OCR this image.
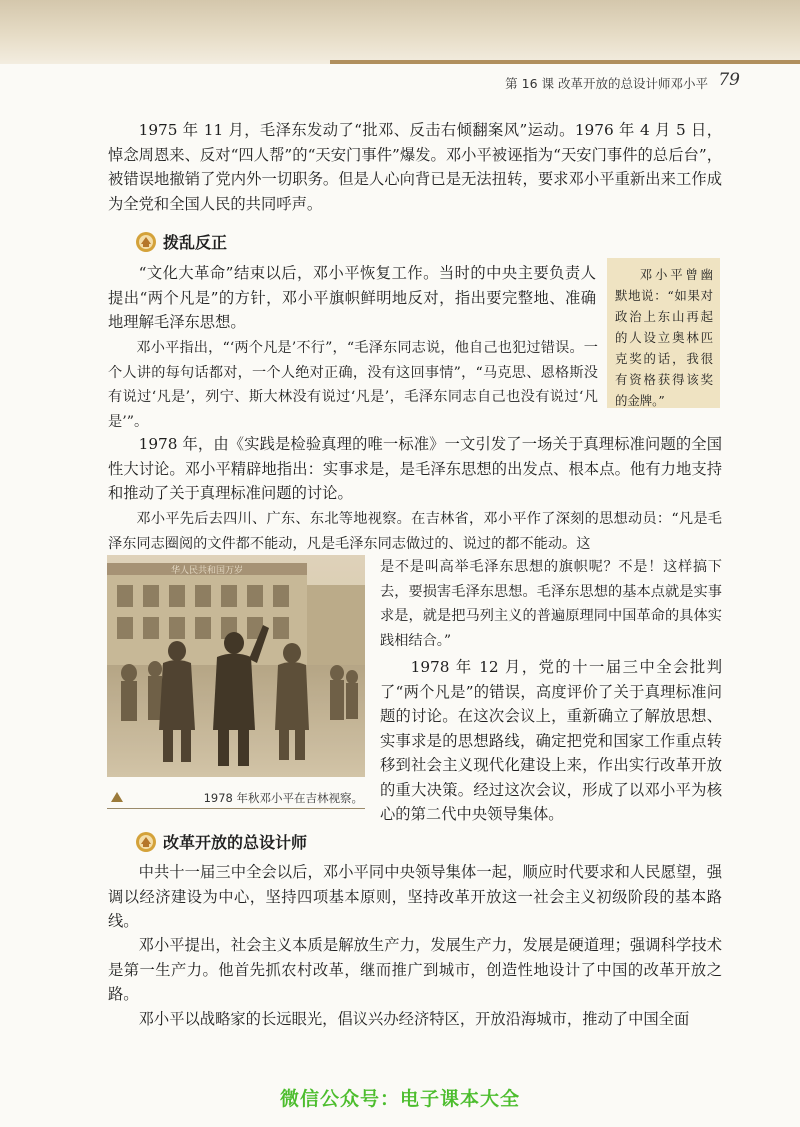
第 16 课 改革开放的总设计师邓小平 79

1975 年 11 月，毛泽东发动了“批邓、反击右倾翻案风”运动。1976 年 4 月 5 日，悼念周恩来、反对“四人帮”的“天安门事件”爆发。邓小平被诬指为“天安门事件的总后台”，被错误地撤销了党内外一切职务。但是人心向背已是无法扭转，要求邓小平重新出来工作成为全党和全国人民的共同呼声。

拨乱反正

“文化大革命”结束以后，邓小平恢复工作。当时的中央主要负责人提出“两个凡是”的方针，邓小平旗帜鲜明地反对，指出要完整地、准确地理解毛泽东思想。

邓小平曾幽默地说：“如果对政治上东山再起的人设立奥林匹克奖的话，我很有资格获得该奖的金牌。”

邓小平指出，“‘两个凡是’不行”，“毛泽东同志说，他自己也犯过错误。一个人讲的每句话都对，一个人绝对正确，没有这回事情”，“马克思、恩格斯没有说过‘凡是’，列宁、斯大林没有说过‘凡是’，毛泽东同志自己也没有说过‘凡是’”。

1978 年，由《实践是检验真理的唯一标准》一文引发了一场关于真理标准问题的全国性大讨论。邓小平精辟地指出：实事求是，是毛泽东思想的出发点、根本点。他有力地支持和推动了关于真理标准问题的讨论。

邓小平先后去四川、广东、东北等地视察。在吉林省，邓小平作了深刻的思想动员：“凡是毛泽东同志圈阅的文件都不能动，凡是毛泽东同志做过的、说过的都不能动。这

华人民共和国万岁
1978 年秋邓小平在吉林视察。

是不是叫高举毛泽东思想的旗帜呢？不是！这样搞下去，要损害毛泽东思想。毛泽东思想的基本点就是实事求是，就是把马列主义的普遍原理同中国革命的具体实践相结合。”

1978 年 12 月，党的十一届三中全会批判了“两个凡是”的错误，高度评价了关于真理标准问题的讨论。在这次会议上，重新确立了解放思想、实事求是的思想路线，确定把党和国家工作重点转移到社会主义现代化建设上来，作出实行改革开放的重大决策。经过这次会议，形成了以邓小平为核心的第二代中央领导集体。

改革开放的总设计师

中共十一届三中全会以后，邓小平同中央领导集体一起，顺应时代要求和人民愿望，强调以经济建设为中心，坚持四项基本原则，坚持改革开放这一社会主义初级阶段的基本路线。

邓小平提出，社会主义本质是解放生产力，发展生产力，发展是硬道理；强调科学技术是第一生产力。他首先抓农村改革，继而推广到城市，创造性地设计了中国的改革开放之路。

邓小平以战略家的长远眼光，倡议兴办经济特区，开放沿海城市，推动了中国全面

微信公众号：电子课本大全
